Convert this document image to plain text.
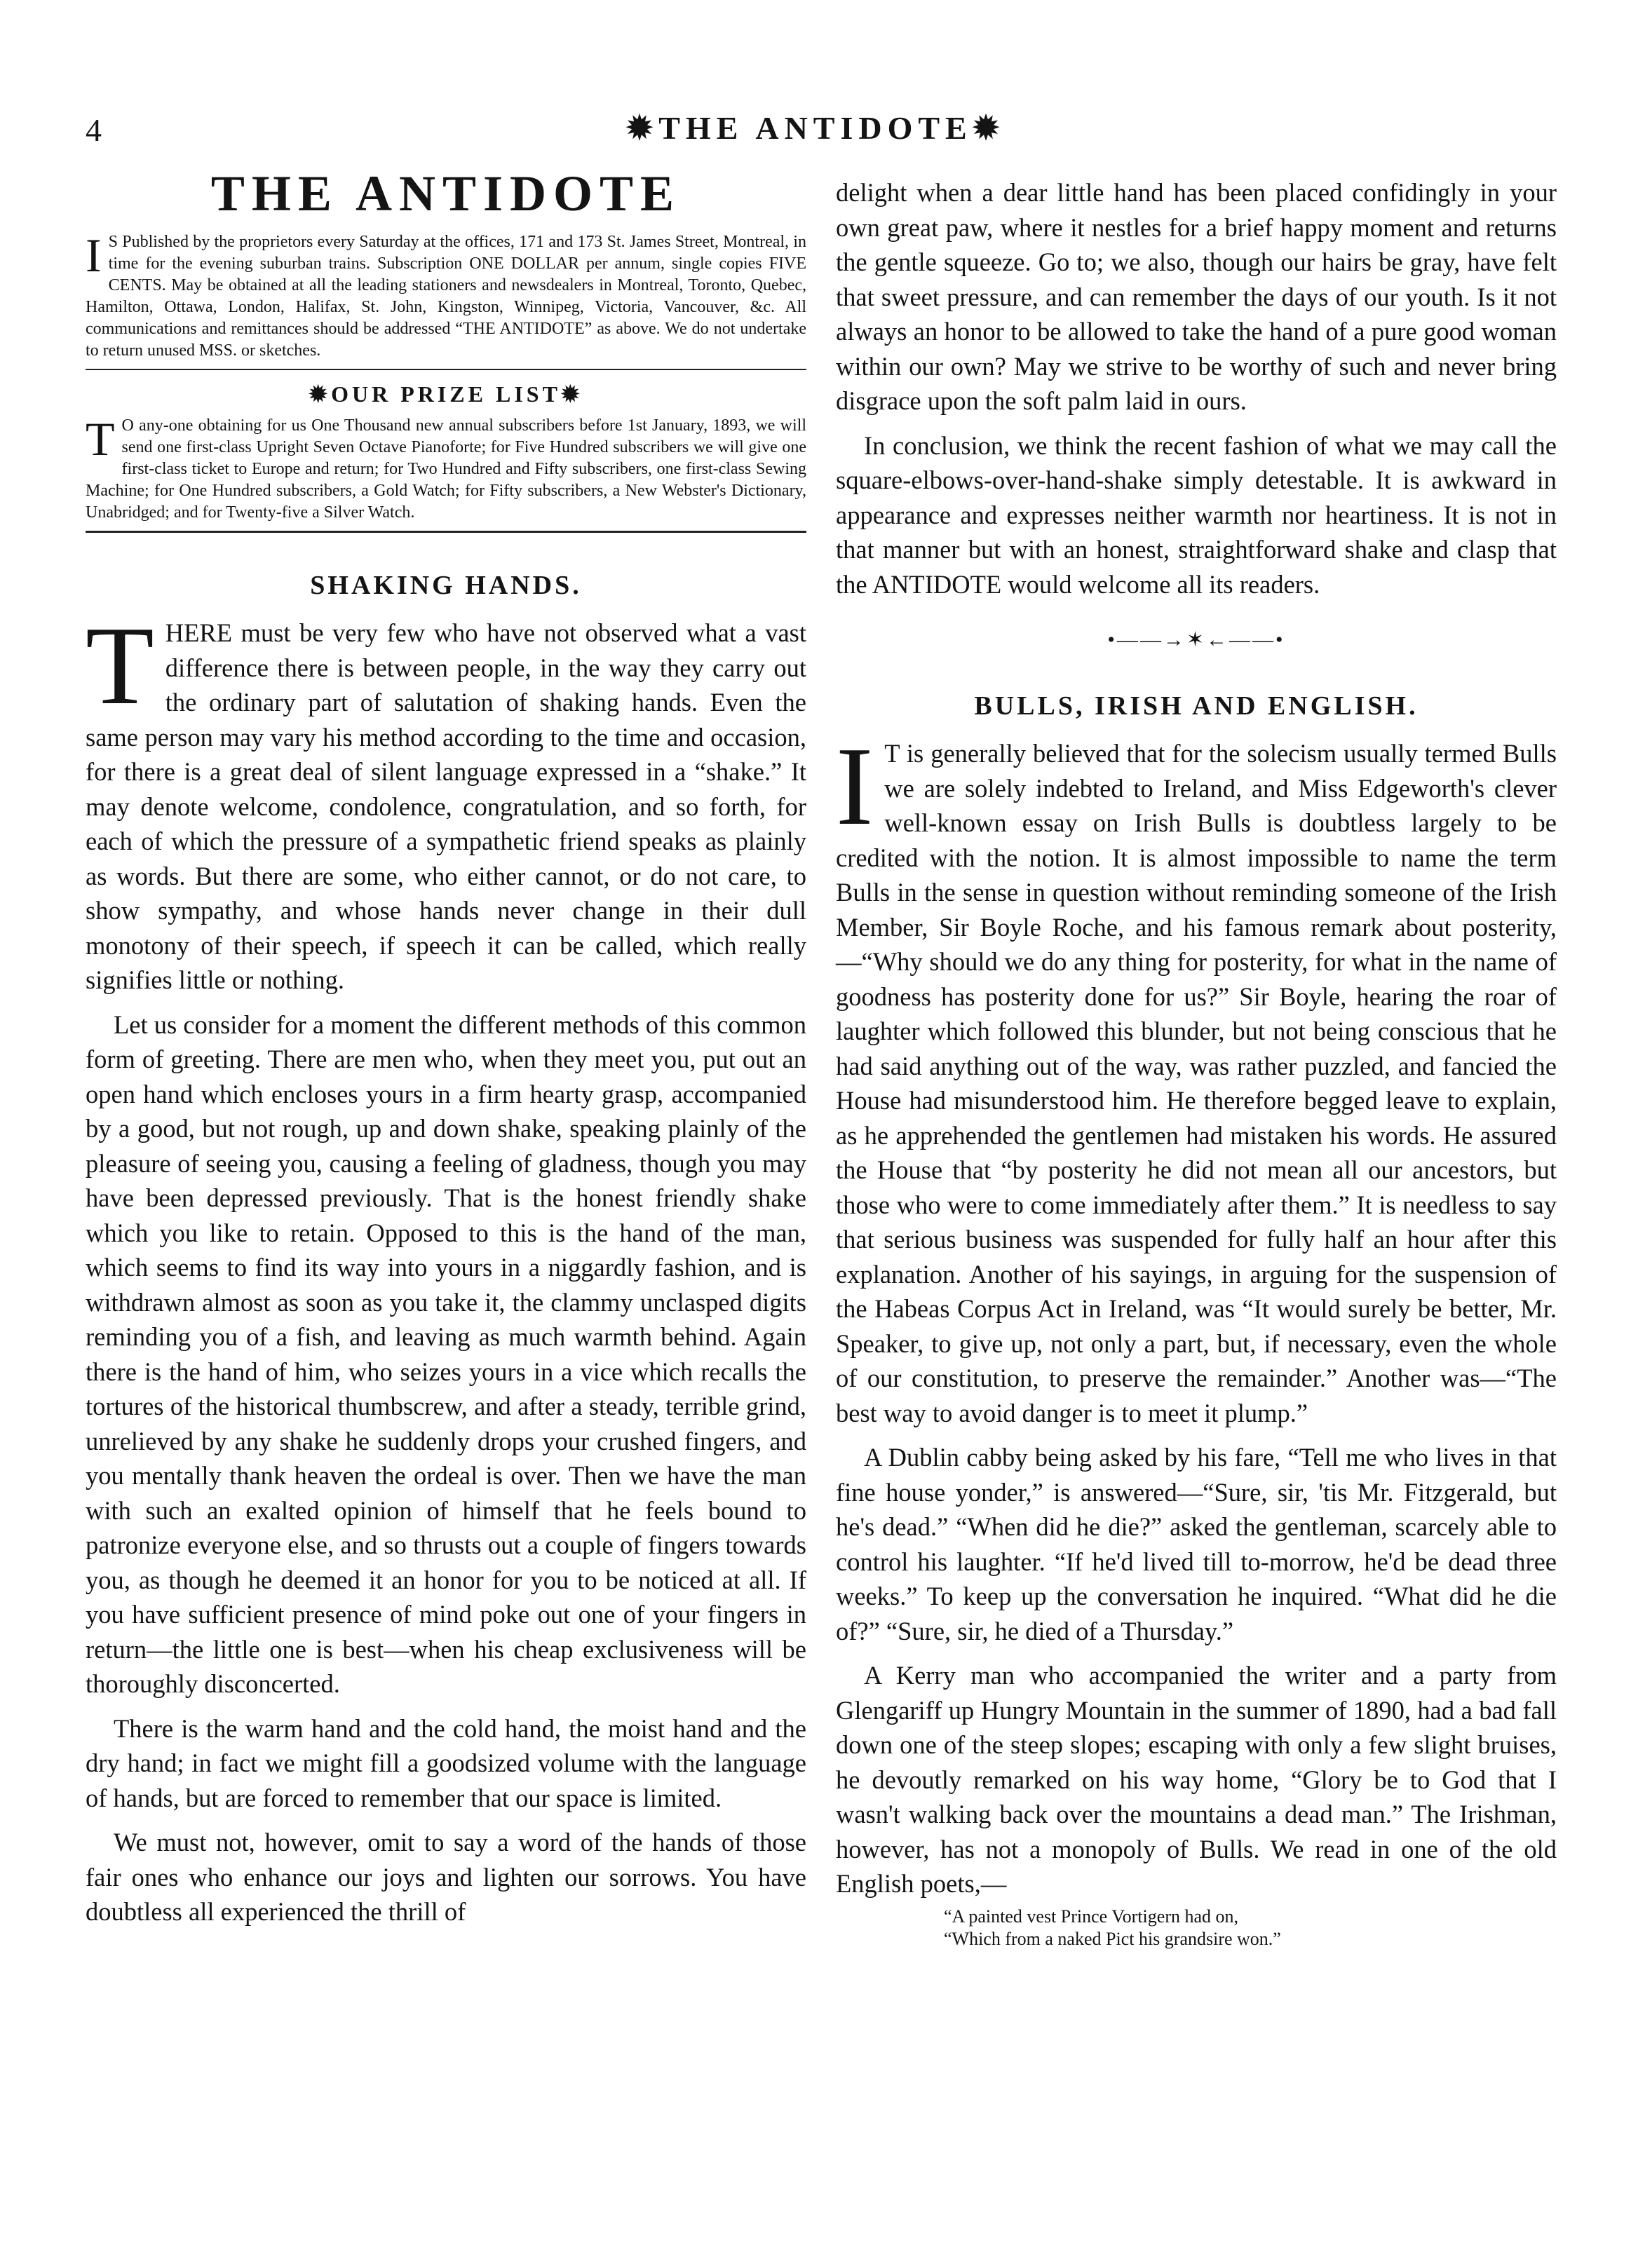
4	✹THE ANTIDOTE✹
THE ANTIDOTE

I S Published by the proprietors every Saturday at the offices, 171 and 173 St. James Street, Montreal, in time for the evening suburban trains. Subscription ONE DOLLAR per annum, single copies FIVE CENTS. May be obtained at all the leading stationers and newsdealers in Montreal, Toronto, Quebec, Hamilton, Ottawa, London, Halifax, St. John, Kingston, Winnipeg, Victoria, Vancouver, &c. All communications and remittances should be addressed “THE ANTIDOTE” as above. We do not undertake to return unused MSS. or sketches.

✹OUR PRIZE LIST✹

T O any-one obtaining for us One Thousand new annual subscribers before 1st January, 1893, we will send one first-class Upright Seven Octave Pianoforte; for Five Hundred subscribers we will give one first-class ticket to Europe and return; for Two Hundred and Fifty subscribers, one first-class Sewing Machine; for One Hundred subscribers, a Gold Watch; for Fifty subscribers, a New Webster's Dictionary, Unabridged; and for Twenty-five a Silver Watch.

SHAKING HANDS.

THERE must be very few who have not observed what a vast difference there is between people, in the way they carry out the ordinary part of salutation of shaking hands. Even the same person may vary his method according to the time and occasion, for there is a great deal of silent language expressed in a “shake.” It may denote welcome, condolence, congratulation, and so forth, for each of which the pressure of a sympathetic friend speaks as plainly as words. But there are some, who either cannot, or do not care, to show sympathy, and whose hands never change in their dull monotony of their speech, if speech it can be called, which really signifies little or nothing.

Let us consider for a moment the different methods of this common form of greeting. There are men who, when they meet you, put out an open hand which encloses yours in a firm hearty grasp, accompanied by a good, but not rough, up and down shake, speaking plainly of the pleasure of seeing you, causing a feeling of gladness, though you may have been depressed previously. That is the honest friendly shake which you like to retain. Opposed to this is the hand of the man, which seems to find its way into yours in a niggardly fashion, and is withdrawn almost as soon as you take it, the clammy unclasped digits reminding you of a fish, and leaving as much warmth behind. Again there is the hand of him, who seizes yours in a vice which recalls the tortures of the historical thumbscrew, and after a steady, terrible grind, unrelieved by any shake he suddenly drops your crushed fingers, and you mentally thank heaven the ordeal is over. Then we have the man with such an exalted opinion of himself that he feels bound to patronize everyone else, and so thrusts out a couple of fingers towards you, as though he deemed it an honor for you to be noticed at all. If you have sufficient presence of mind poke out one of your fingers in return—the little one is best—when his cheap exclusiveness will be thoroughly disconcerted.

There is the warm hand and the cold hand, the moist hand and the dry hand; in fact we might fill a goodsized volume with the language of hands, but are forced to remember that our space is limited.

We must not, however, omit to say a word of the hands of those fair ones who enhance our joys and lighten our sorrows. You have doubtless all experienced the thrill of

delight when a dear little hand has been placed confidingly in your own great paw, where it nestles for a brief happy moment and returns the gentle squeeze. Go to; we also, though our hairs be gray, have felt that sweet pressure, and can remember the days of our youth. Is it not always an honor to be allowed to take the hand of a pure good woman within our own? May we strive to be worthy of such and never bring disgrace upon the soft palm laid in ours.

In conclusion, we think the recent fashion of what we may call the square-elbows-over-hand-shake simply detestable. It is awkward in appearance and expresses neither warmth nor heartiness. It is not in that manner but with an honest, straightforward shake and clasp that the ANTIDOTE would welcome all its readers.

•——→✶←——•
BULLS, IRISH AND ENGLISH.

I T is generally believed that for the solecism usually termed Bulls we are solely indebted to Ireland, and Miss Edgeworth's clever well-known essay on Irish Bulls is doubtless largely to be credited with the notion. It is almost impossible to name the term Bulls in the sense in question without reminding someone of the Irish Member, Sir Boyle Roche, and his famous remark about posterity,—“Why should we do any thing for posterity, for what in the name of goodness has posterity done for us?” Sir Boyle, hearing the roar of laughter which followed this blunder, but not being conscious that he had said anything out of the way, was rather puzzled, and fancied the House had misunderstood him. He therefore begged leave to explain, as he apprehended the gentlemen had mistaken his words. He assured the House that “by posterity he did not mean all our ancestors, but those who were to come immediately after them.” It is needless to say that serious business was suspended for fully half an hour after this explanation. Another of his sayings, in arguing for the suspension of the Habeas Corpus Act in Ireland, was “It would surely be better, Mr. Speaker, to give up, not only a part, but, if necessary, even the whole of our constitution, to preserve the remainder.” Another was—“The best way to avoid danger is to meet it plump.”

A Dublin cabby being asked by his fare, “Tell me who lives in that fine house yonder,” is answered—“Sure, sir, 'tis Mr. Fitzgerald, but he's dead.” “When did he die?” asked the gentleman, scarcely able to control his laughter. “If he'd lived till to-morrow, he'd be dead three weeks.” To keep up the conversation he inquired. “What did he die of?” “Sure, sir, he died of a Thursday.”

A Kerry man who accompanied the writer and a party from Glengariff up Hungry Mountain in the summer of 1890, had a bad fall down one of the steep slopes; escaping with only a few slight bruises, he devoutly remarked on his way home, “Glory be to God that I wasn't walking back over the mountains a dead man.” The Irishman, however, has not a monopoly of Bulls. We read in one of the old English poets,—

“A painted vest Prince Vortigern had on,
“Which from a naked Pict his grandsire won.”
